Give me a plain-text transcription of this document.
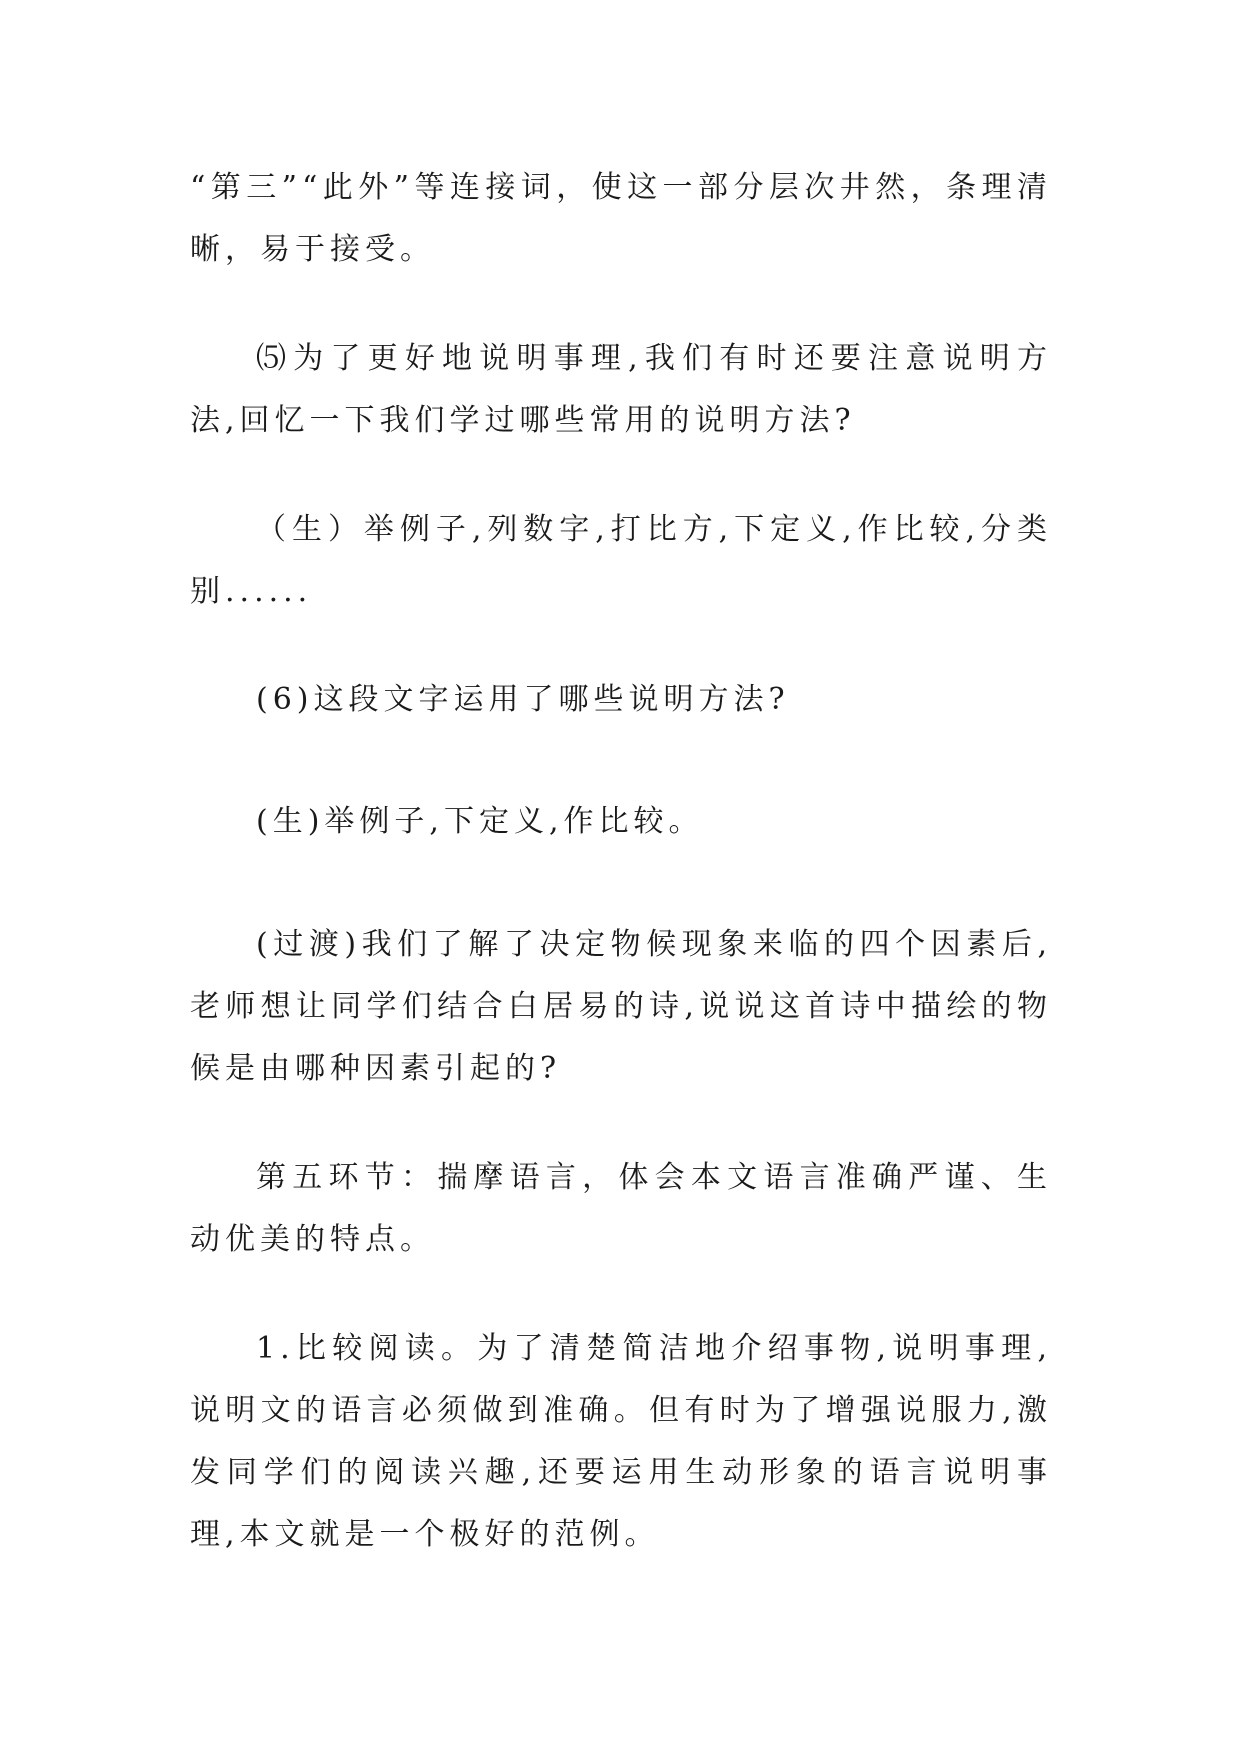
“第三”“此外”等连接词，使这一部分层次井然，条理清晰，易于接受。

⑸为了更好地说明事理,我们有时还要注意说明方法,回忆一下我们学过哪些常用的说明方法?

（生）举例子,列数字,打比方,下定义,作比较,分类别......

(6)这段文字运用了哪些说明方法?

(生)举例子,下定义,作比较。

(过渡)我们了解了决定物候现象来临的四个因素后,老师想让同学们结合白居易的诗,说说这首诗中描绘的物候是由哪种因素引起的?

第五环节：揣摩语言，体会本文语言准确严谨、生动优美的特点。

1.比较阅读。为了清楚简洁地介绍事物,说明事理,说明文的语言必须做到准确。但有时为了增强说服力,激发同学们的阅读兴趣,还要运用生动形象的语言说明事理,本文就是一个极好的范例。
